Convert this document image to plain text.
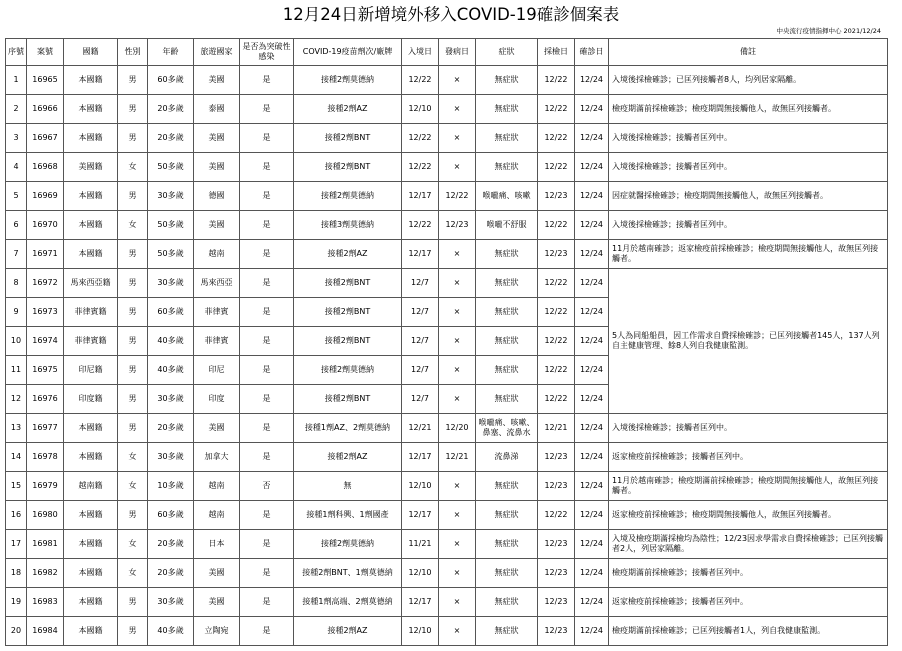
12月24日新增境外移入COVID-19確診個案表
中央流行疫情指揮中心 2021/12/24
序號	案號	國籍	性別	年齡	旅遊國家	是否為突破性感染	COVID-19疫苗劑次/廠牌	入境日	發病日	症狀	採檢日	確診日	備註
1	16965	本國籍	男	60多歲	美國	是	接種2劑莫德納	12/22	×	無症狀	12/22	12/24	入境後採檢確診；已匡列接觸者8人，均列居家隔離。
2	16966	本國籍	男	20多歲	泰國	是	接種2劑AZ	12/10	×	無症狀	12/22	12/24	檢疫期滿前採檢確診；檢疫期間無接觸他人，故無匡列接觸者。
3	16967	本國籍	男	20多歲	美國	是	接種2劑BNT	12/22	×	無症狀	12/22	12/24	入境後採檢確診；接觸者匡列中。
4	16968	美國籍	女	50多歲	美國	是	接種2劑BNT	12/22	×	無症狀	12/22	12/24	入境後採檢確診；接觸者匡列中。
5	16969	本國籍	男	30多歲	德國	是	接種2劑莫德納	12/17	12/22	喉嚨痛、咳嗽	12/23	12/24	因症就醫採檢確診；檢疫期間無接觸他人，故無匡列接觸者。
6	16970	本國籍	女	50多歲	美國	是	接種3劑莫德納	12/22	12/23	喉嚨不舒服	12/22	12/24	入境後採檢確診；接觸者匡列中。
7	16971	本國籍	男	50多歲	越南	是	接種2劑AZ	12/17	×	無症狀	12/23	12/24	11月於越南確診；返家檢疫前採檢確診；檢疫期間無接觸他人，故無匡列接觸者。
8	16972	馬來西亞籍	男	30多歲	馬來西亞	是	接種2劑BNT	12/7	×	無症狀	12/22	12/24	5人為同船船員，因工作需求自費採檢確診；已匡列接觸者145人，137人列自主健康管理、餘8人列自我健康監測。
9	16973	菲律賓籍	男	60多歲	菲律賓	是	接種2劑BNT	12/7	×	無症狀	12/22	12/24	
10	16974	菲律賓籍	男	40多歲	菲律賓	是	接種2劑BNT	12/7	×	無症狀	12/22	12/24	
11	16975	印尼籍	男	40多歲	印尼	是	接種2劑莫德納	12/7	×	無症狀	12/22	12/24	
12	16976	印度籍	男	30多歲	印度	是	接種2劑BNT	12/7	×	無症狀	12/22	12/24	
13	16977	本國籍	男	20多歲	美國	是	接種1劑AZ、2劑莫德納	12/21	12/20	喉嚨痛、咳嗽、鼻塞、流鼻水	12/21	12/24	入境後採檢確診；接觸者匡列中。
14	16978	本國籍	女	30多歲	加拿大	是	接種2劑AZ	12/17	12/21	流鼻涕	12/23	12/24	返家檢疫前採檢確診；接觸者匡列中。
15	16979	越南籍	女	10多歲	越南	否	無	12/10	×	無症狀	12/23	12/24	11月於越南確診；檢疫期滿前採檢確診；檢疫期間無接觸他人，故無匡列接觸者。
16	16980	本國籍	男	60多歲	越南	是	接種1劑科興、1劑國產	12/17	×	無症狀	12/22	12/24	返家檢疫前採檢確診；檢疫期間無接觸他人，故無匡列接觸者。
17	16981	本國籍	女	20多歲	日本	是	接種2劑莫德納	11/21	×	無症狀	12/23	12/24	入境及檢疫期滿採檢均為陰性；12/23因求學需求自費採檢確診；已匡列接觸者2人，列居家隔離。
18	16982	本國籍	女	20多歲	美國	是	接種2劑BNT、1劑莫德納	12/10	×	無症狀	12/23	12/24	檢疫期滿前採檢確診；接觸者匡列中。
19	16983	本國籍	男	30多歲	美國	是	接種1劑高端、2劑莫德納	12/17	×	無症狀	12/23	12/24	返家檢疫前採檢確診；接觸者匡列中。
20	16984	本國籍	男	40多歲	立陶宛	是	接種2劑AZ	12/10	×	無症狀	12/23	12/24	檢疫期滿前採檢確診；已匡列接觸者1人，列自我健康監測。
